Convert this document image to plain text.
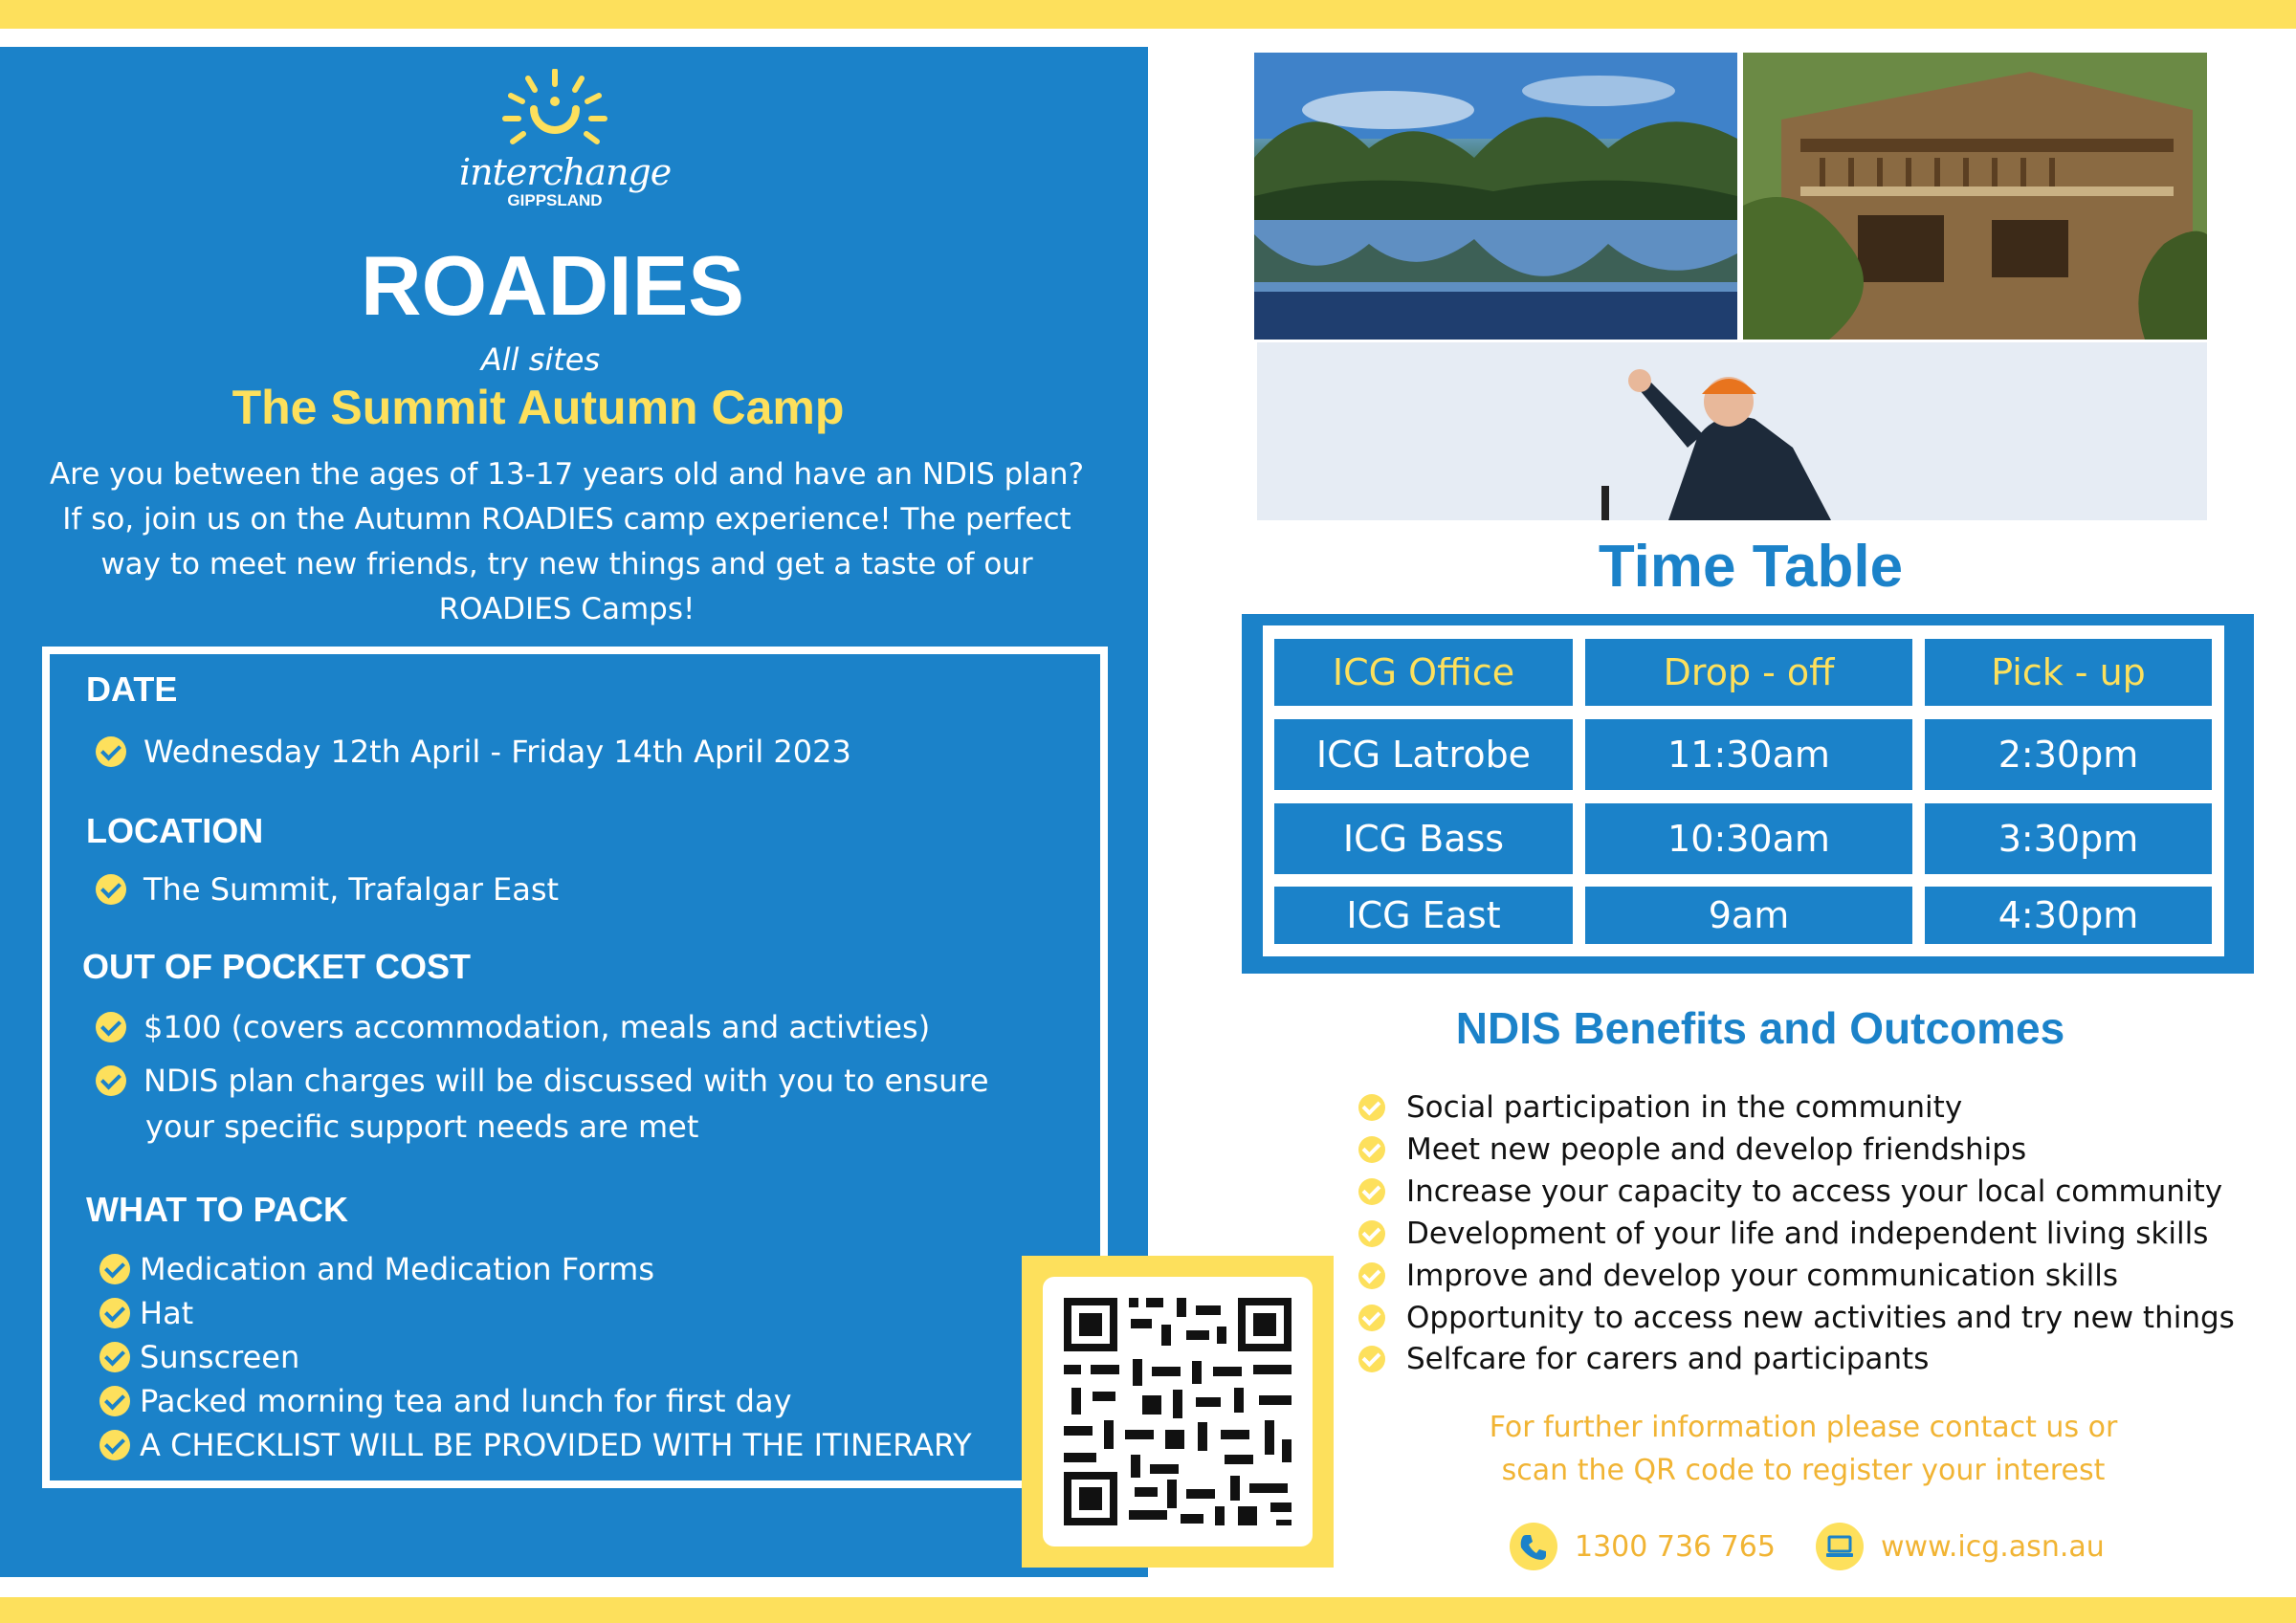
interchange
GIPPSLAND
ROADIES
All sites
The Summit Autumn Camp
Are you between the ages of 13-17 years old and have an NDIS plan? If so, join us on the Autumn ROADIES camp experience! The perfect way to meet new friends, try new things and get a taste of our ROADIES Camps!
DATE
Wednesday 12th April - Friday 14th April 2023
LOCATION
The Summit, Trafalgar East
OUT OF POCKET COST
$100 (covers accommodation, meals and activties)
NDIS plan charges will be discussed with you to ensure
your specific support needs are met
WHAT TO PACK
Medication and Medication Forms
Hat
Sunscreen
Packed morning tea and lunch for first day
A CHECKLIST WILL BE PROVIDED WITH THE ITINERARY
Time Table
ICG Office	Drop - off	Pick - up
ICG Latrobe	11:30am	2:30pm
ICG Bass	10:30am	3:30pm
ICG East	9am	4:30pm
NDIS Benefits and Outcomes
Social participation in the community
Meet new people and develop friendships
Increase your capacity to access your local community
Development of your life and independent living skills
Improve and develop your communication skills
Opportunity to access new activities and try new things
Selfcare for carers and participants
For further information please contact us or
scan the QR code to register your interest
1300 736 765	www.icg.asn.au
